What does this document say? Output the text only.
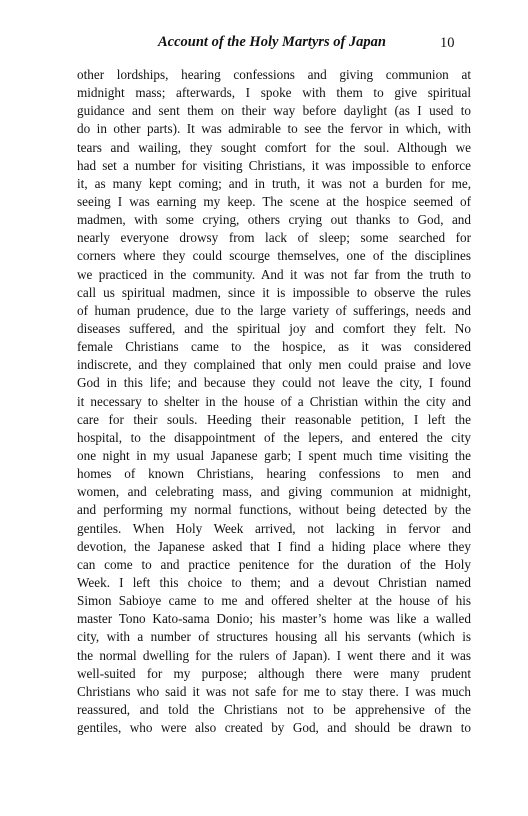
Account of the Holy Martyrs of Japan	10
other lordships, hearing confessions and giving communion at
midnight mass; afterwards, I spoke with them to give spiritual
guidance and sent them on their way before daylight (as I used to
do in other parts). It was admirable to see the fervor in which, with
tears and wailing, they sought comfort for the soul. Although we
had set a number for visiting Christians, it was impossible to enforce
it, as many kept coming; and in truth, it was not a burden for me,
seeing I was earning my keep. The scene at the hospice seemed of
madmen, with some crying, others crying out thanks to God, and
nearly everyone drowsy from lack of sleep; some searched for
corners where they could scourge themselves, one of the disciplines
we practiced in the community. And it was not far from the truth to
call us spiritual madmen, since it is impossible to observe the rules
of human prudence, due to the large variety of sufferings, needs and
diseases suffered, and the spiritual joy and comfort they felt. No
female Christians came to the hospice, as it was considered
indiscrete, and they complained that only men could praise and love
God in this life; and because they could not leave the city, I found
it necessary to shelter in the house of a Christian within the city and
care for their souls. Heeding their reasonable petition, I left the
hospital, to the disappointment of the lepers, and entered the city
one night in my usual Japanese garb; I spent much time visiting the
homes of known Christians, hearing confessions to men and
women, and celebrating mass, and giving communion at midnight,
and performing my normal functions, without being detected by the
gentiles. When Holy Week arrived, not lacking in fervor and
devotion, the Japanese asked that I find a hiding place where they
can come to and practice penitence for the duration of the Holy
Week. I left this choice to them; and a devout Christian named
Simon Sabioye came to me and offered shelter at the house of his
master Tono Kato-sama Donio; his master’s home was like a walled
city, with a number of structures housing all his servants (which is
the normal dwelling for the rulers of Japan). I went there and it was
well-suited for my purpose; although there were many prudent
Christians who said it was not safe for me to stay there. I was much
reassured, and told the Christians not to be apprehensive of the
gentiles, who were also created by God, and should be drawn to
